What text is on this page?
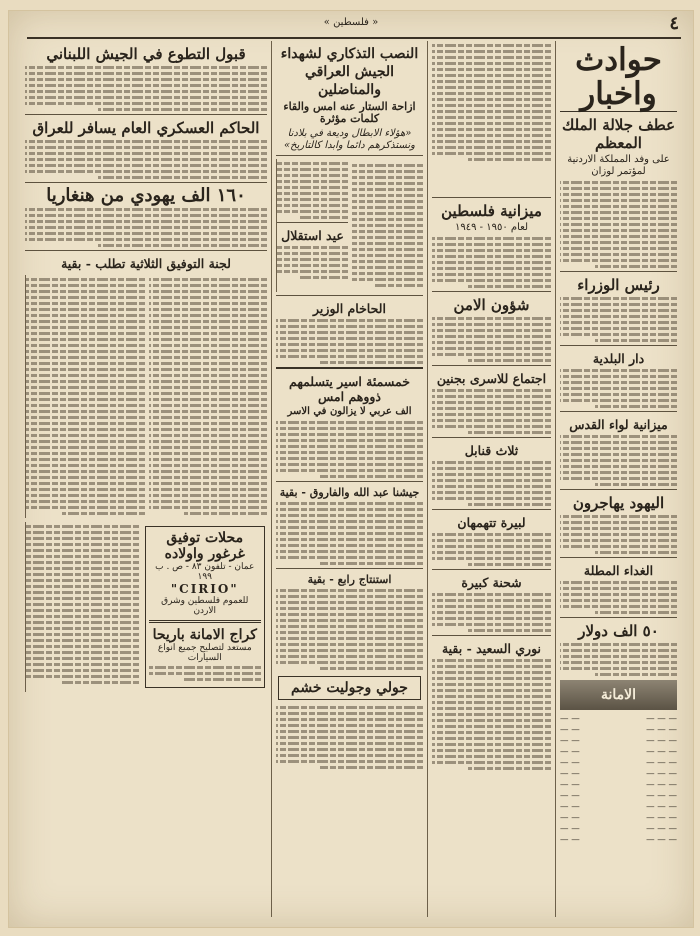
٤
« فلسطين »
حوادث واخبار
عطف جلالة الملك المعظم
على وفد المملكة الاردنية لمؤتمر لوزان
رئيس الوزراء
دار البلدية
ميزانية لواء القدس
اليهود يهاجرون
الغداء المطلة
٥٠ الف دولار
الامانة
— — —
— —
— — —
— —
— — —
— —
— — —
— —
— — —
— —
— — —
— —
— — —
— —
— — —
— —
— — —
— —
— — —
— —
— — —
— —
— — —
— —
ميزانية فلسطين
لعام ١٩٥٠ - ١٩٤٩
شؤون الامن
اجتماع للاسرى بجنين
ثلاث قنابل
لبيرة تتهمهان
شحنة كبيرة
نوري السعيد - بقية
النصب التذكاري لشهداء الجيش العراقي والمناضلين
ازاحة الستار عنه امس والقاء كلمات مؤثرة
«هؤلاء الابطال وديعة في بلادنا ونستذكرهم دائما وابدا كالتاريخ»
عيد استقلال
الحاخام الوزير
خمسمئة اسير يتسلمهم ذووهم امس
الف عربي لا يزالون في الاسر
جيشنا عبد الله والفاروق - بقية
استنتاج رابع - بقية
جولي وجوليت خشم
قبول التطوع في الجيش اللبناني
الحاكم العسكري العام يسافر للعراق
١٦٠ الف يهودي من هنغاريا
لجنة التوفيق الثلاثية تطلب - بقية
محلات توفيق غرغور واولاده
عمان - تلفون ٨٣ - ص . ب ١٩٩
"CIRIO"
للعموم فلسطين وشرق الاردن
كراج الامانة باريحا
مستعد لتصليح جميع انواع السيارات
